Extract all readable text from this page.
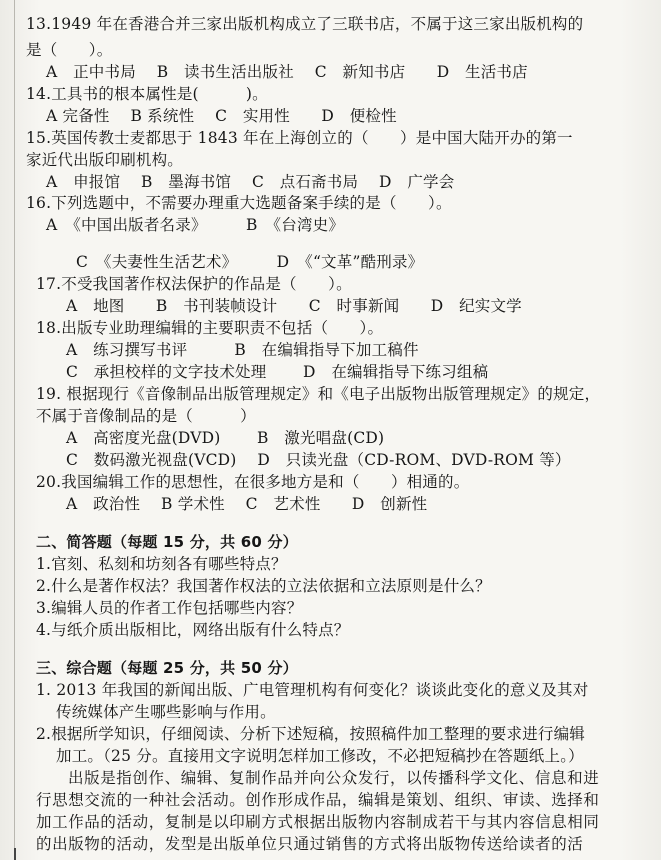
13.1949 年在香港合并三家出版机构成立了三联书店，不属于这三家出版机构的
是（　　）。
A　正中书局　 B　读书生活出版社　 C　新知书店　　D　生活书店
14.工具书的根本属性是(　　　)。
A 完备性　 B 系统性　 C　实用性　　D　便检性
15.英国传教士麦都思于 1843 年在上海创立的（　　）是中国大陆开办的第一
家近代出版印刷机构。
A　申报馆　 B　墨海书馆　 C　点石斋书局　 D　广学会
16.下列选题中，不需要办理重大选题备案手续的是（　　）。
A　《中国出版者名录》　　　B　《台湾史》
C　《夫妻性生活艺术》　　　D　《“文革”酷刑录》
17.不受我国著作权法保护的作品是（　　）。
A　地图　　B　书刊装帧设计　　C　时事新闻　　D　纪实文学
18.出版专业助理编辑的主要职责不包括（　　）。
A　练习撰写书评　　　B　在编辑指导下加工稿件
C　承担校样的文字技术处理　　 D　在编辑指导下练习组稿
19. 根据现行《音像制品出版管理规定》和《电子出版物出版管理规定》的规定，
不属于音像制品的是（　　　）
A　高密度光盘(DVD)　　 B　激光唱盘(CD)
C　数码激光视盘(VCD)　 D　只读光盘（CD-ROM、DVD-ROM 等）
20.我国编辑工作的思想性，在很多地方是和（　　）相通的。
A　政治性　 B 学术性　 C　艺术性　　D　创新性
二、简答题（每题 15 分，共 60 分）
1.官刻、私刻和坊刻各有哪些特点？
2.什么是著作权法？我国著作权法的立法依据和立法原则是什么？
3.编辑人员的作者工作包括哪些内容？
4.与纸介质出版相比，网络出版有什么特点？
三、综合题（每题 25 分，共 50 分）
1. 2013 年我国的新闻出版、广电管理机构有何变化？谈谈此变化的意义及其对
传统媒体产生哪些影响与作用。
2.根据所学知识，仔细阅读、分析下述短稿，按照稿件加工整理的要求进行编辑
加工。（25 分。直接用文字说明怎样加工修改，不必把短稿抄在答题纸上。）
出版是指创作、编辑、复制作品并向公众发行，以传播科学文化、信息和进
行思想交流的一种社会活动。创作形成作品，编辑是策划、组织、审读、选择和
加工作品的活动，复制是以印刷方式根据出版物内容制成若干与其内容信息相同
的出版物的活动，发型是出版单位只通过销售的方式将出版物传送给读者的活
